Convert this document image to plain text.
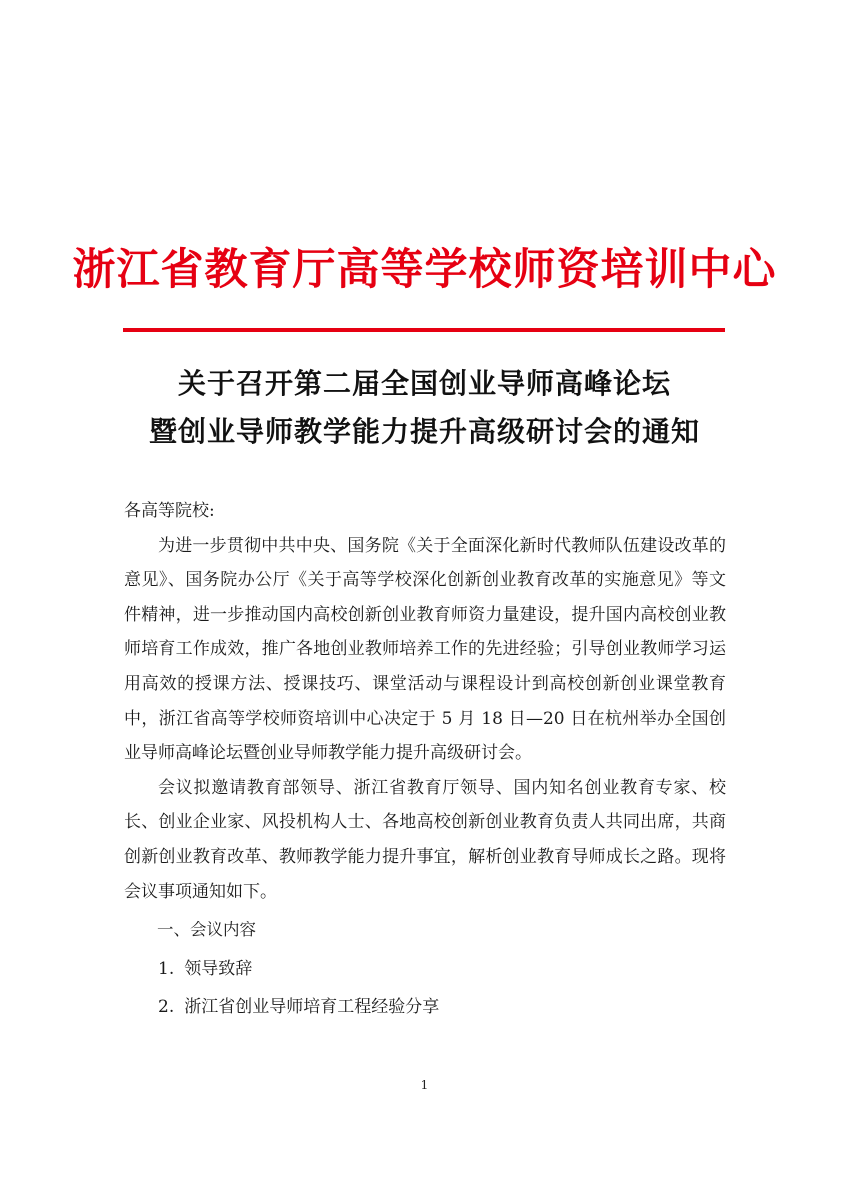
浙江省教育厅高等学校师资培训中心
关于召开第二届全国创业导师高峰论坛
暨创业导师教学能力提升高级研讨会的通知

各高等院校:

为进一步贯彻中共中央、国务院《关于全面深化新时代教师队伍建设改革的意见》、国务院办公厅《关于高等学校深化创新创业教育改革的实施意见》等文件精神，进一步推动国内高校创新创业教育师资力量建设，提升国内高校创业教师培育工作成效，推广各地创业教师培养工作的先进经验；引导创业教师学习运用高效的授课方法、授课技巧、课堂活动与课程设计到高校创新创业课堂教育中，浙江省高等学校师资培训中心决定于 5 月 18 日—20 日在杭州举办全国创业导师高峰论坛暨创业导师教学能力提升高级研讨会。

会议拟邀请教育部领导、浙江省教育厅领导、国内知名创业教育专家、校长、创业企业家、风投机构人士、各地高校创新创业教育负责人共同出席，共商创新创业教育改革、教师教学能力提升事宜，解析创业教育导师成长之路。现将会议事项通知如下。

一、会议内容

1. 领导致辞

2. 浙江省创业导师培育工程经验分享

1
